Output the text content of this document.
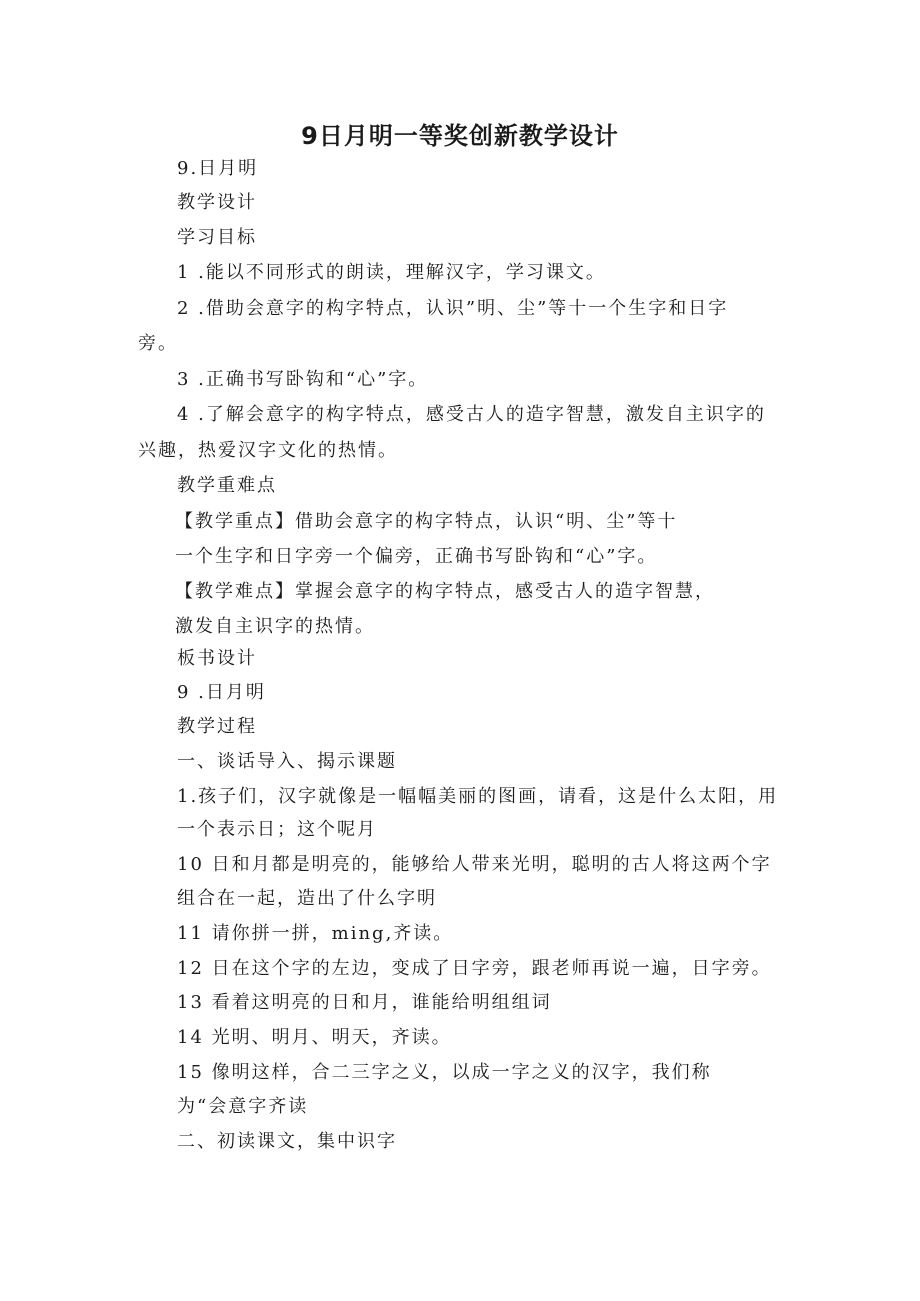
9日月明一等奖创新教学设计
9.日月明
教学设计
学习目标
1 .能以不同形式的朗读，理解汉字，学习课文。
2 .借助会意字的构字特点，认识”明、尘”等十一个生字和日字
旁。
3 .正确书写卧钩和“心”字。
4 .了解会意字的构字特点，感受古人的造字智慧，激发自主识字的
兴趣，热爱汉字文化的热情。
教学重难点
【教学重点】借助会意字的构字特点，认识“明、尘”等十
一个生字和日字旁一个偏旁，正确书写卧钩和“心”字。
【教学难点】掌握会意字的构字特点，感受古人的造字智慧，
激发自主识字的热情。
板书设计
9 .日月明
教学过程
一、谈话导入、揭示课题
1.孩子们，汉字就像是一幅幅美丽的图画，请看，这是什么太阳，用
一个表示日；这个呢月
10 日和月都是明亮的，能够给人带来光明，聪明的古人将这两个字
组合在一起，造出了什么字明
11 请你拼一拼，ming,齐读。
12 日在这个字的左边，变成了日字旁，跟老师再说一遍，日字旁。
13 看着这明亮的日和月，谁能给明组组词
14 光明、明月、明天，齐读。
15 像明这样，合二三字之义，以成一字之义的汉字，我们称
为“会意字齐读
二、初读课文，集中识字
